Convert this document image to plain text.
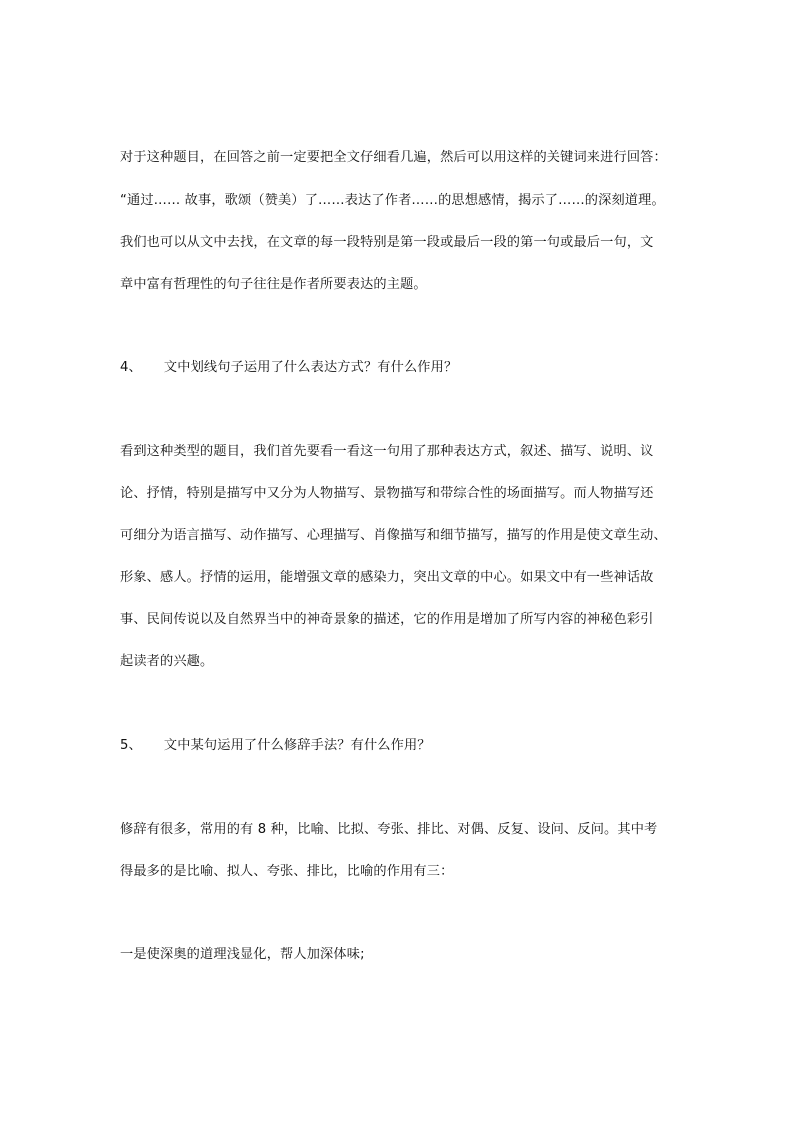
对于这种题目，在回答之前一定要把全文仔细看几遍，然后可以用这样的关键词来进行回答：
“通过…… 故事，歌颂（赞美）了……表达了作者……的思想感情，揭示了……的深刻道理。
我们也可以从文中去找，在文章的每一段特别是第一段或最后一段的第一句或最后一句，文
章中富有哲理性的句子往往是作者所要表达的主题。
4、 文中划线句子运用了什么表达方式？有什么作用？
看到这种类型的题目，我们首先要看一看这一句用了那种表达方式，叙述、描写、说明、议
论、抒情，特别是描写中又分为人物描写、景物描写和带综合性的场面描写。而人物描写还
可细分为语言描写、动作描写、心理描写、肖像描写和细节描写，描写的作用是使文章生动、
形象、感人。抒情的运用，能增强文章的感染力，突出文章的中心。如果文中有一些神话故
事、民间传说以及自然界当中的神奇景象的描述，它的作用是增加了所写内容的神秘色彩引
起读者的兴趣。
5、 文中某句运用了什么修辞手法？有什么作用？
修辞有很多，常用的有 8 种，比喻、比拟、夸张、排比、对偶、反复、设问、反问。其中考
得最多的是比喻、拟人、夸张、排比，比喻的作用有三：
一是使深奥的道理浅显化，帮人加深体味;
